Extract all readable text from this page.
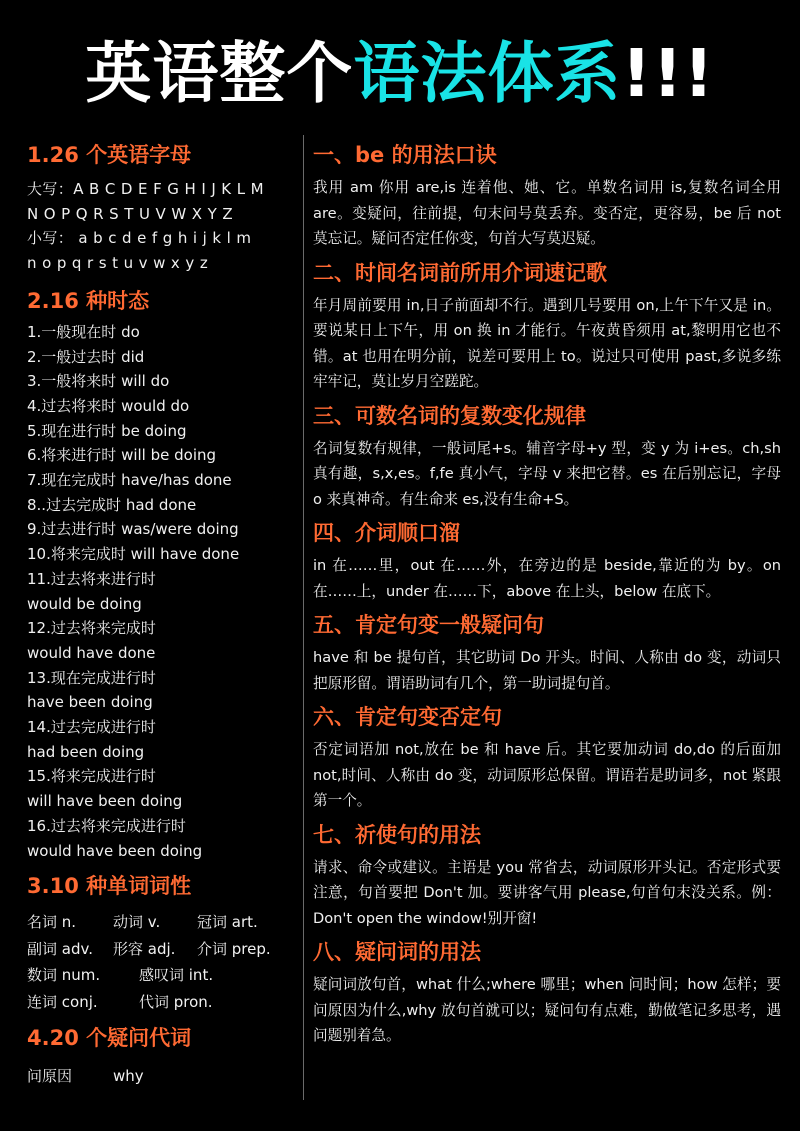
英语整个语法体系!!!
1.26 个英语字母
大写：A B C D E F G H I J K L M
N O P Q R S T U V W X Y Z
小写： a b c d e f g h i j k l m
n o p q r s t u v w x y z
2.16 种时态
1.一般现在时 do
2.一般过去时 did
3.一般将来时 will do
4.过去将来时 would do
5.现在进行时 be doing
6.将来进行时 will be doing
7.现在完成时 have/has done
8..过去完成时 had done
9.过去进行时 was/were doing
10.将来完成时 will have done
11.过去将来进行时
would be doing
12.过去将来完成时
would have done
13.现在完成进行时
have been doing
14.过去完成进行时
had been doing
15.将来完成进行时
will have been doing
16.过去将来完成进行时
would have been doing
3.10 种单词词性
名词 n.	动词 v.	冠词 art.
副词 adv.	形容 adj.	介词 prep.
数词 num.	感叹词 int.
连词 conj.	代词 pron.
4.20 个疑问代词
问原因	why
一、be 的用法口诀
我用 am 你用 are,is 连着他、她、它。单数名词用 is,复数名词全用 are。变疑问，往前提，句末问号莫丢弃。变否定，更容易，be 后 not 莫忘记。疑问否定任你变，句首大写莫迟疑。
二、时间名词前所用介词速记歌
年月周前要用 in,日子前面却不行。遇到几号要用 on,上午下午又是 in。要说某日上下午，用 on 换 in 才能行。午夜黄昏须用 at,黎明用它也不错。at 也用在明分前，说差可要用上 to。说过只可使用 past,多说多练牢牢记，莫让岁月空蹉跎。
三、可数名词的复数变化规律
名词复数有规律，一般词尾+s。辅音字母+y 型，变 y 为 i+es。ch,sh 真有趣，s,x,es。f,fe 真小气，字母 v 来把它替。es 在后别忘记，字母 o 来真神奇。有生命来 es,没有生命+S。
四、介词顺口溜
in 在……里，out 在……外，在旁边的是 beside,靠近的为 by。on 在……上，under 在……下，above 在上头，below 在底下。
五、肯定句变一般疑问句
have 和 be 提句首，其它助词 Do 开头。时间、人称由 do 变，动词只把原形留。谓语助词有几个，第一助词提句首。
六、肯定句变否定句
否定词语加 not,放在 be 和 have 后。其它要加动词 do,do 的后面加 not,时间、人称由 do 变，动词原形总保留。谓语若是助词多，not 紧跟第一个。
七、祈使句的用法
请求、命令或建议。主语是 you 常省去，动词原形开头记。否定形式要注意，句首要把 Don't 加。要讲客气用 please,句首句末没关系。例：Don't open the window!别开窗!
八、疑问词的用法
疑问词放句首，what 什么;where 哪里；when 问时间；how 怎样；要问原因为什么,why 放句首就可以；疑问句有点难，勤做笔记多思考，遇问题别着急。
